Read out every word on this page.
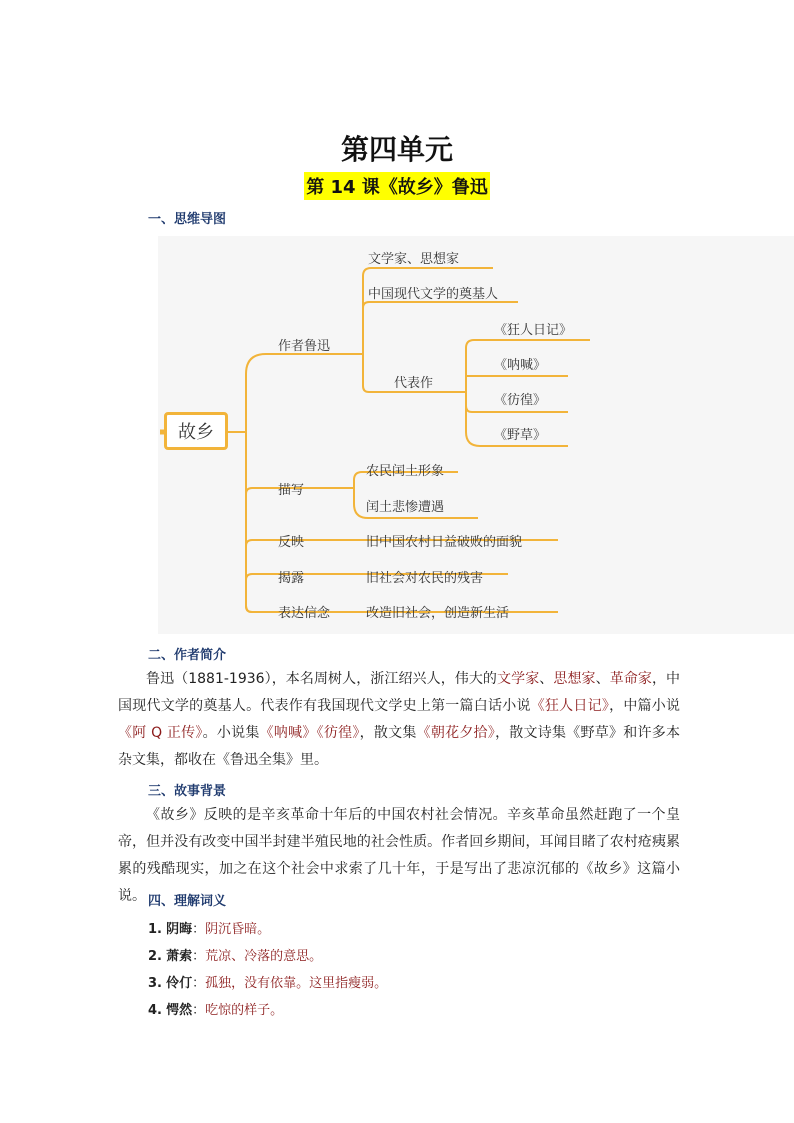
第四单元
第 14 课《故乡》鲁迅
一、思维导图
故乡
作者鲁迅
文学家、思想家
中国现代文学的奠基人
代表作
《狂人日记》
《呐喊》
《彷徨》
《野草》
描写
农民闰土形象
闰土悲惨遭遇
反映	旧中国农村日益破败的面貌
揭露	旧社会对农民的残害
表达信念	改造旧社会，创造新生活
二、作者简介

鲁迅（1881-1936），本名周树人，浙江绍兴人，伟大的文学家、思想家、革命家，中国现代文学的奠基人。代表作有我国现代文学史上第一篇白话小说《狂人日记》，中篇小说《阿 Q 正传》。小说集《呐喊》《彷徨》，散文集《朝花夕拾》，散文诗集《野草》和许多本杂文集，都收在《鲁迅全集》里。

三、故事背景

《故乡》反映的是辛亥革命十年后的中国农村社会情况。辛亥革命虽然赶跑了一个皇帝，但并没有改变中国半封建半殖民地的社会性质。作者回乡期间，耳闻目睹了农村疮痍累累的残酷现实，加之在这个社会中求索了几十年，于是写出了悲凉沉郁的《故乡》这篇小说。 四、理解词义
1. 阴晦：阴沉昏暗。
2. 萧索：荒凉、冷落的意思。
3. 伶仃：孤独，没有依靠。这里指瘦弱。
4. 愕然：吃惊的样子。
